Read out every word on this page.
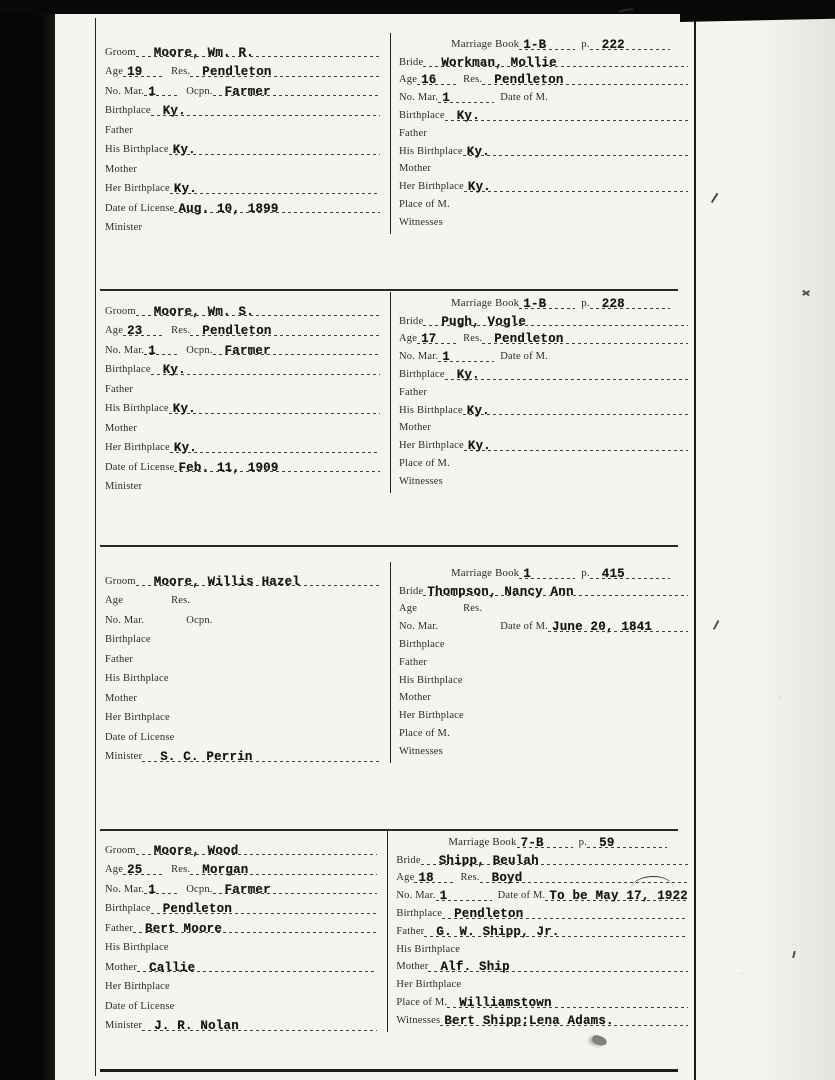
Groom	Moore, Wm. R.
Age 19	Res. Pendleton
No. Mar. 1	Ocpn. Farmer
Birthplace Ky.
Father
His Birthplace Ky.
Mother
Her Birthplace Ky.
Date of License Aug. 10, 1899
Minister
Marriage Book 1-B	p. 222
Bride	Workman, Mollie
Age 16	Res. Pendleton
No. Mar. 1	Date of M.
Birthplace Ky.
Father
His Birthplace Ky.
Mother
Her Birthplace Ky.
Place of M.
Witnesses
Groom	Moore, Wm. S.
Age 23	Res. Pendleton
No. Mar. 1	Ocpn. Farmer
Birthplace Ky.
Father
His Birthplace Ky.
Mother
Her Birthplace Ky.
Date of License Feb. 11, 1909
Minister
Marriage Book 1-B	p. 228
Bride	Pugh, Vogle
Age 17	Res. Pendleton
No. Mar. 1	Date of M.
Birthplace Ky.
Father
His Birthplace Ky.
Mother
Her Birthplace Ky.
Place of M.
Witnesses
Groom	Moore, Willis Hazel
Age	Res.
No. Mar.	Ocpn.
Birthplace
Father
His Birthplace
Mother
Her Birthplace
Date of License
Minister	S. C. Perrin
Marriage Book 1	p. 415
Bride Thompson, Nancy Ann
Age	Res.
No. Mar.	Date of M. June 20, 1841
Birthplace
Father
His Birthplace
Mother
Her Birthplace
Place of M.
Witnesses
Groom	Moore, Wood
Age 25	Res. Morgan
No. Mar. 1	Ocpn. Farmer
Birthplace Pendleton
Father Bert Moore
His Birthplace
Mother Callie
Her Birthplace
Date of License
Minister J. R. Nolan
Marriage Book 7-B	p. 59
Bride	Shipp, Beulah
Age 18	Res. Boyd
No. Mar. 1	Date of M. To be May 17, 1922
Birthplace Pendleton
Father G. W. Shipp, Jr.
His Birthplace
Mother Alf. Ship
Her Birthplace
Place of M. Williamstown
Witnesses Bert Shipp;Lena Adams.
